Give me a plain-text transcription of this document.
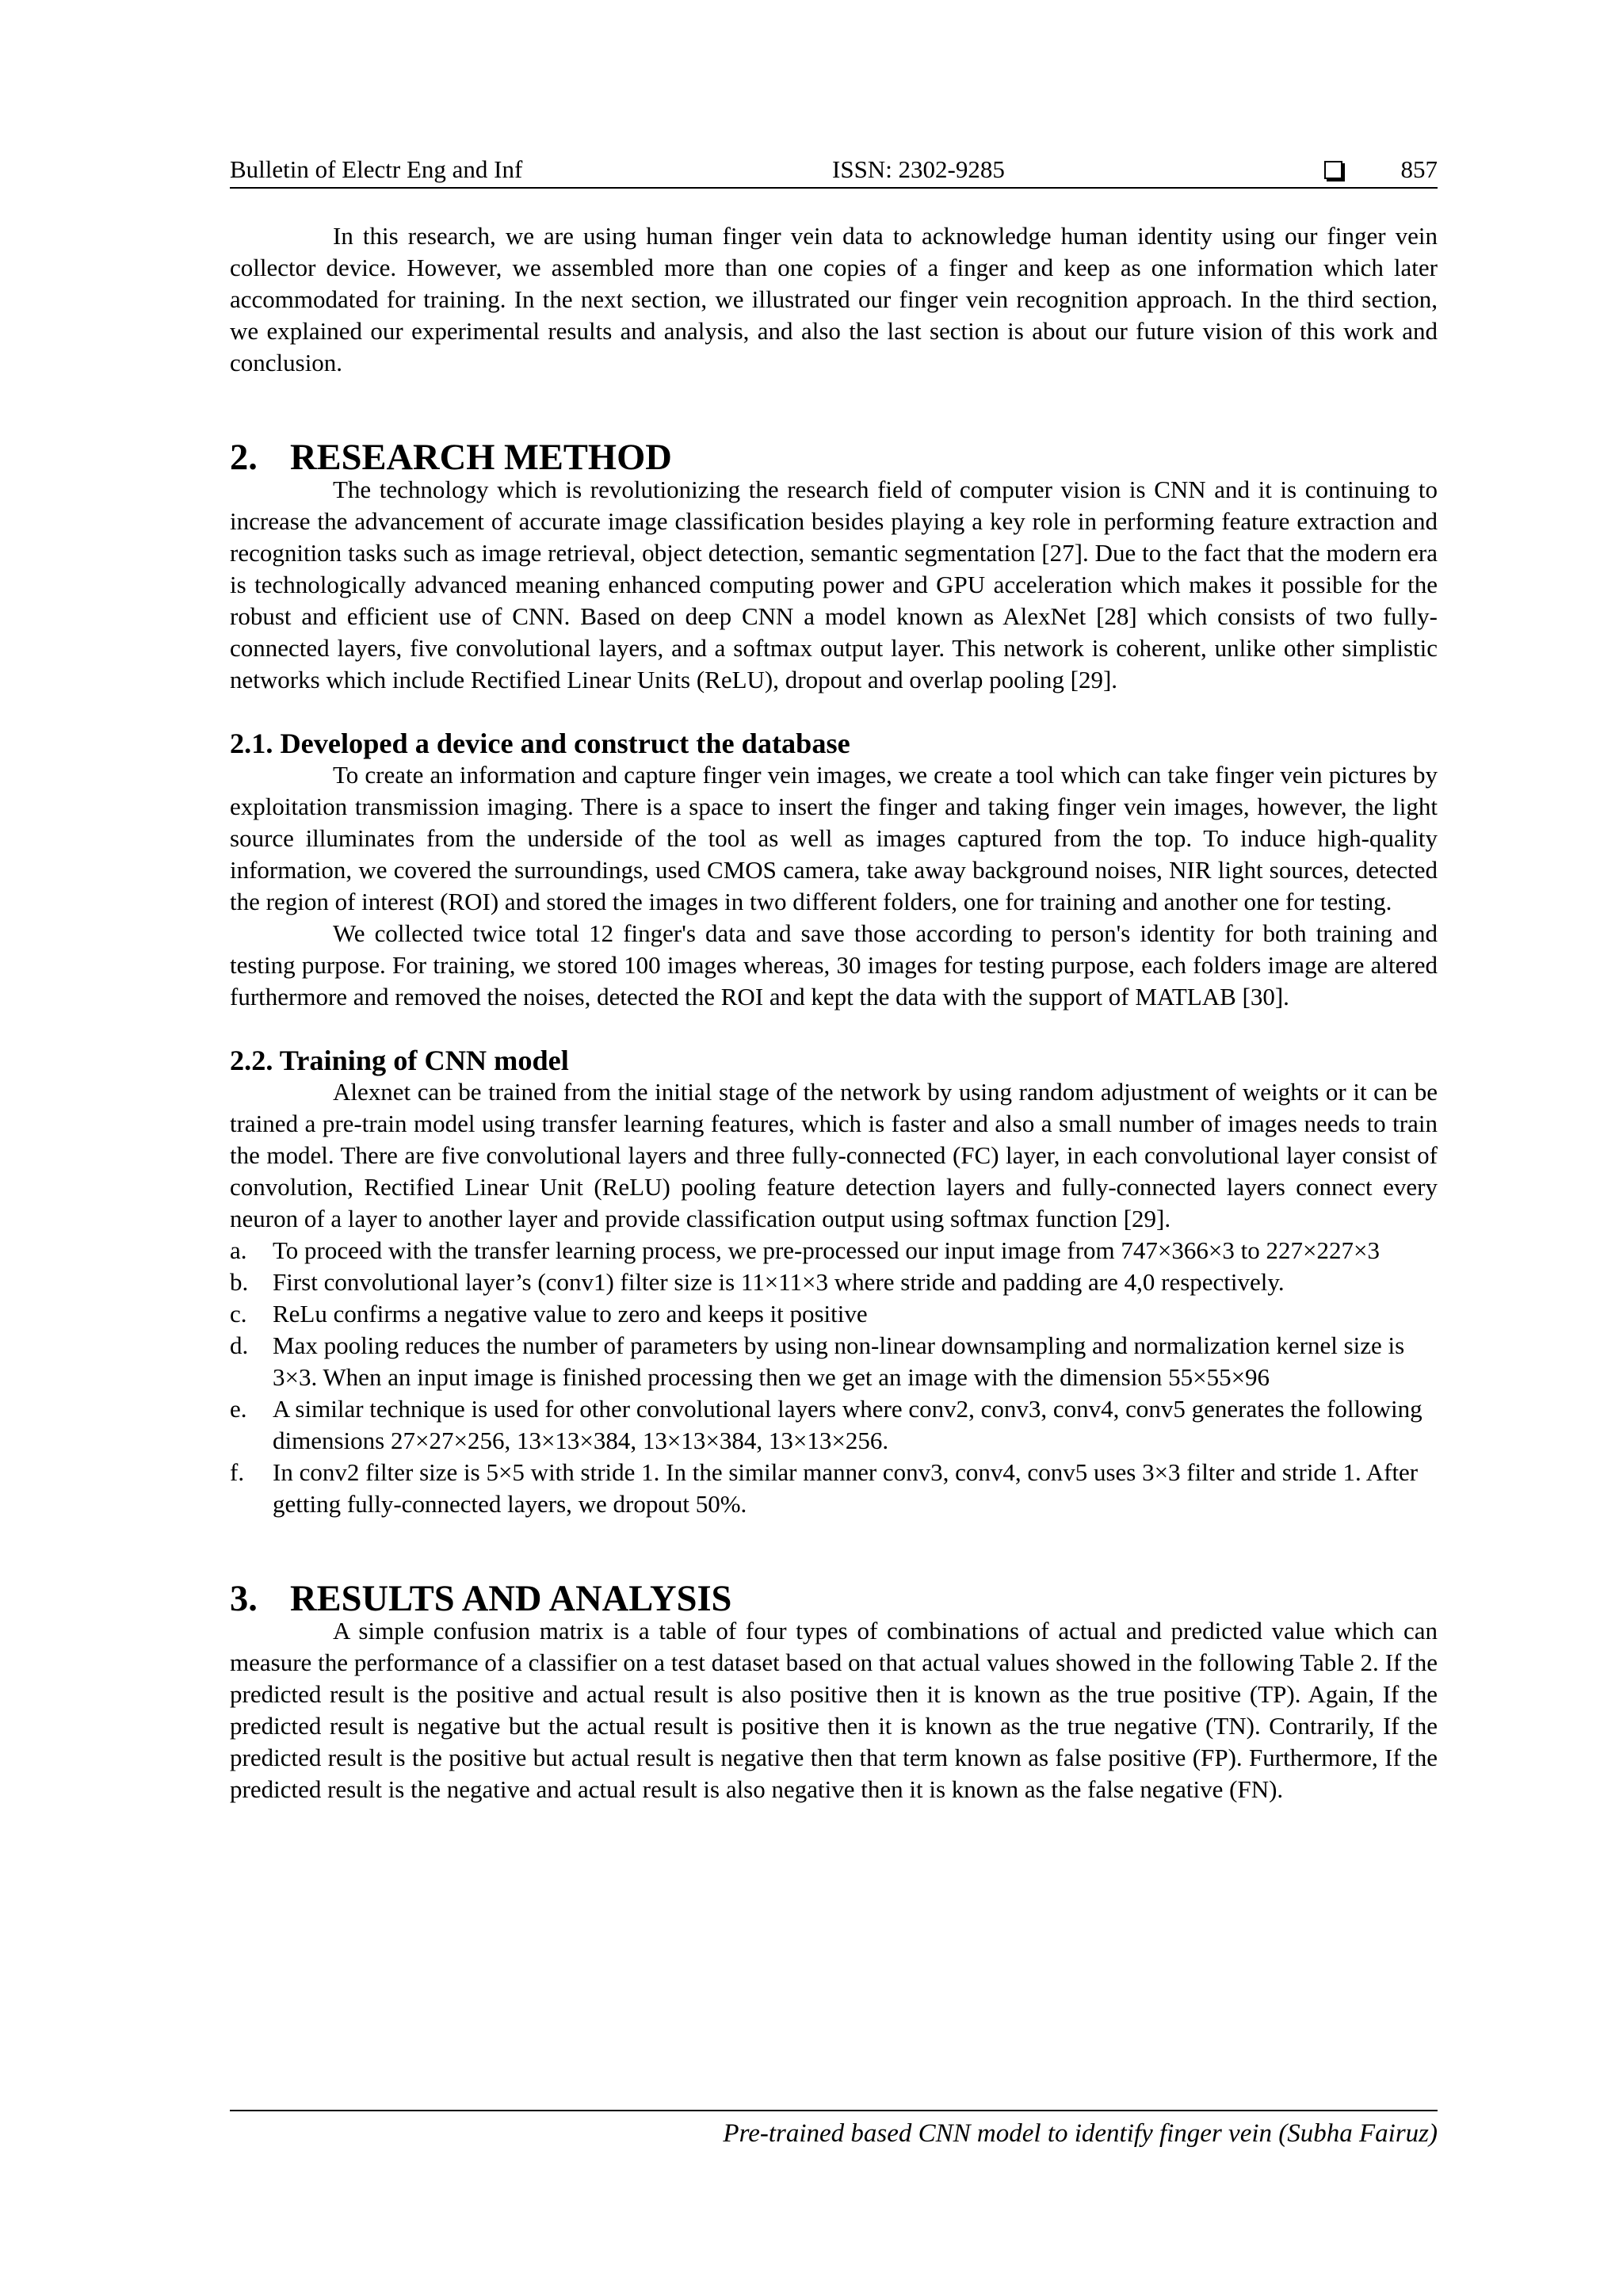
Bulletin of Electr Eng and Inf	ISSN: 2302-9285	857

In this research, we are using human finger vein data to acknowledge human identity using our finger vein collector device. However, we assembled more than one copies of a finger and keep as one information which later accommodated for training. In the next section, we illustrated our finger vein recognition approach. In the third section, we explained our experimental results and analysis, and also the last section is about our future vision of this work and conclusion.

2. RESEARCH METHOD

The technology which is revolutionizing the research field of computer vision is CNN and it is continuing to increase the advancement of accurate image classification besides playing a key role in performing feature extraction and recognition tasks such as image retrieval, object detection, semantic segmentation [27]. Due to the fact that the modern era is technologically advanced meaning enhanced computing power and GPU acceleration which makes it possible for the robust and efficient use of CNN. Based on deep CNN a model known as AlexNet [28] which consists of two fully-connected layers, five convolutional layers, and a softmax output layer. This network is coherent, unlike other simplistic networks which include Rectified Linear Units (ReLU), dropout and overlap pooling [29].

2.1. Developed a device and construct the database

To create an information and capture finger vein images, we create a tool which can take finger vein pictures by exploitation transmission imaging. There is a space to insert the finger and taking finger vein images, however, the light source illuminates from the underside of the tool as well as images captured from the top. To induce high-quality information, we covered the surroundings, used CMOS camera, take away background noises, NIR light sources, detected the region of interest (ROI) and stored the images in two different folders, one for training and another one for testing.

We collected twice total 12 finger's data and save those according to person's identity for both training and testing purpose. For training, we stored 100 images whereas, 30 images for testing purpose, each folders image are altered furthermore and removed the noises, detected the ROI and kept the data with the support of MATLAB [30].

2.2. Training of CNN model

Alexnet can be trained from the initial stage of the network by using random adjustment of weights or it can be trained a pre-train model using transfer learning features, which is faster and also a small number of images needs to train the model. There are five convolutional layers and three fully-connected (FC) layer, in each convolutional layer consist of convolution, Rectified Linear Unit (ReLU) pooling feature detection layers and fully-connected layers connect every neuron of a layer to another layer and provide classification output using softmax function [29].

a. To proceed with the transfer learning process, we pre-processed our input image from 747×366×3 to 227×227×3
b. First convolutional layer’s (conv1) filter size is 11×11×3 where stride and padding are 4,0 respectively.
c. ReLu confirms a negative value to zero and keeps it positive
d. Max pooling reduces the number of parameters by using non-linear downsampling and normalization kernel size is 3×3. When an input image is finished processing then we get an image with the dimension 55×55×96
e. A similar technique is used for other convolutional layers where conv2, conv3, conv4, conv5 generates the following dimensions 27×27×256, 13×13×384, 13×13×384, 13×13×256.
f. In conv2 filter size is 5×5 with stride 1. In the similar manner conv3, conv4, conv5 uses 3×3 filter and stride 1. After getting fully-connected layers, we dropout 50%.
3. RESULTS AND ANALYSIS

A simple confusion matrix is a table of four types of combinations of actual and predicted value which can measure the performance of a classifier on a test dataset based on that actual values showed in the following Table 2. If the predicted result is the positive and actual result is also positive then it is known as the true positive (TP). Again, If the predicted result is negative but the actual result is positive then it is known as the true negative (TN). Contrarily, If the predicted result is the positive but actual result is negative then that term known as false positive (FP). Furthermore, If the predicted result is the negative and actual result is also negative then it is known as the false negative (FN).

Pre-trained based CNN model to identify finger vein (Subha Fairuz)
